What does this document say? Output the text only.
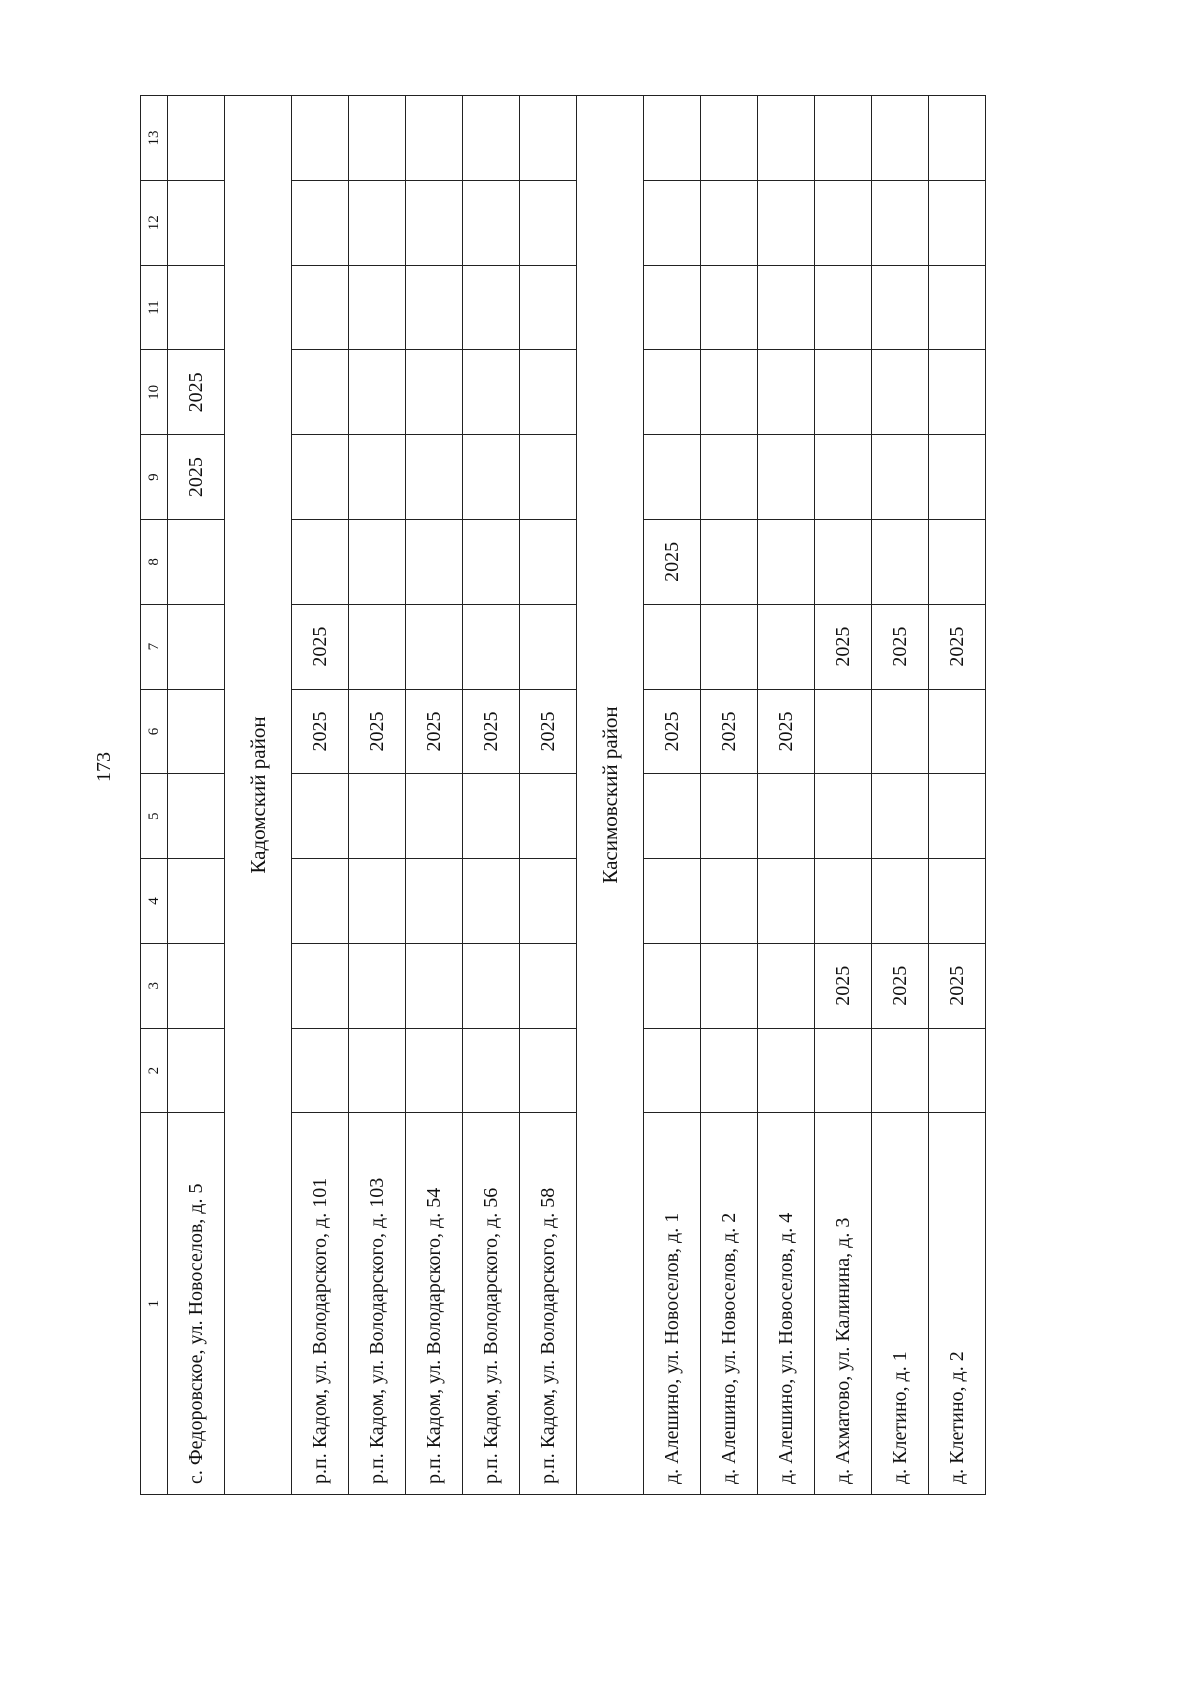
173
1	2	3	4	5	6	7	8	9	10	11	12	13
с. Федоровское, ул. Новоселов, д. 5								2025	2025			
Кадомский район												
р.п. Кадом, ул. Володарского, д. 101					2025	2025						
р.п. Кадом, ул. Володарского, д. 103					2025							
р.п. Кадом, ул. Володарского, д. 54					2025							
р.п. Кадом, ул. Володарского, д. 56					2025							
р.п. Кадом, ул. Володарского, д. 58					2025							
Касимовский район												
д. Алешино, ул. Новоселов, д. 1					2025		2025					
д. Алешино, ул. Новоселов, д. 2					2025							
д. Алешино, ул. Новоселов, д. 4					2025							
д. Ахматово, ул. Калинина, д. 3		2025				2025						
д. Клетино, д. 1		2025				2025						
д. Клетино, д. 2		2025				2025						
